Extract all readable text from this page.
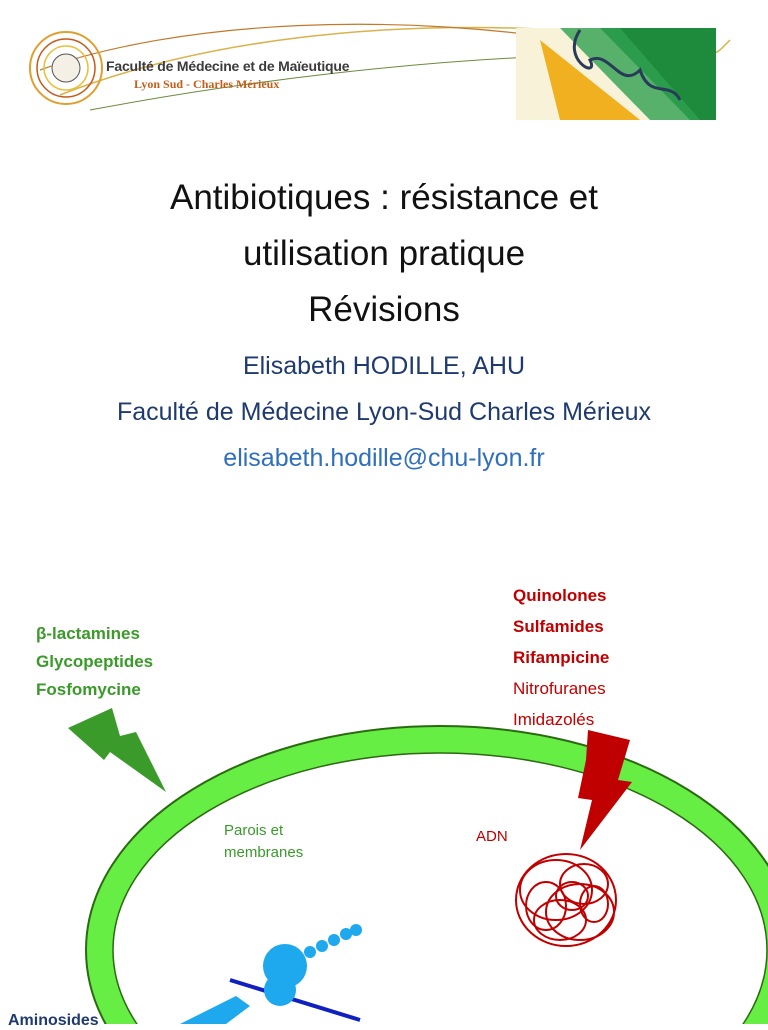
Faculté de Médecine et de Maïeutique
Lyon Sud - Charles Mérieux
Antibiotiques : résistance et
utilisation pratique
Révisions
Elisabeth HODILLE, AHU
Faculté de Médecine Lyon-Sud Charles Mérieux
elisabeth.hodille@chu-lyon.fr
β-lactamines
Glycopeptides
Fosfomycine
Quinolones
Sulfamides
Rifampicine
Nitrofuranes
Imidazolés
Parois et membranes
ADN
Aminosides
